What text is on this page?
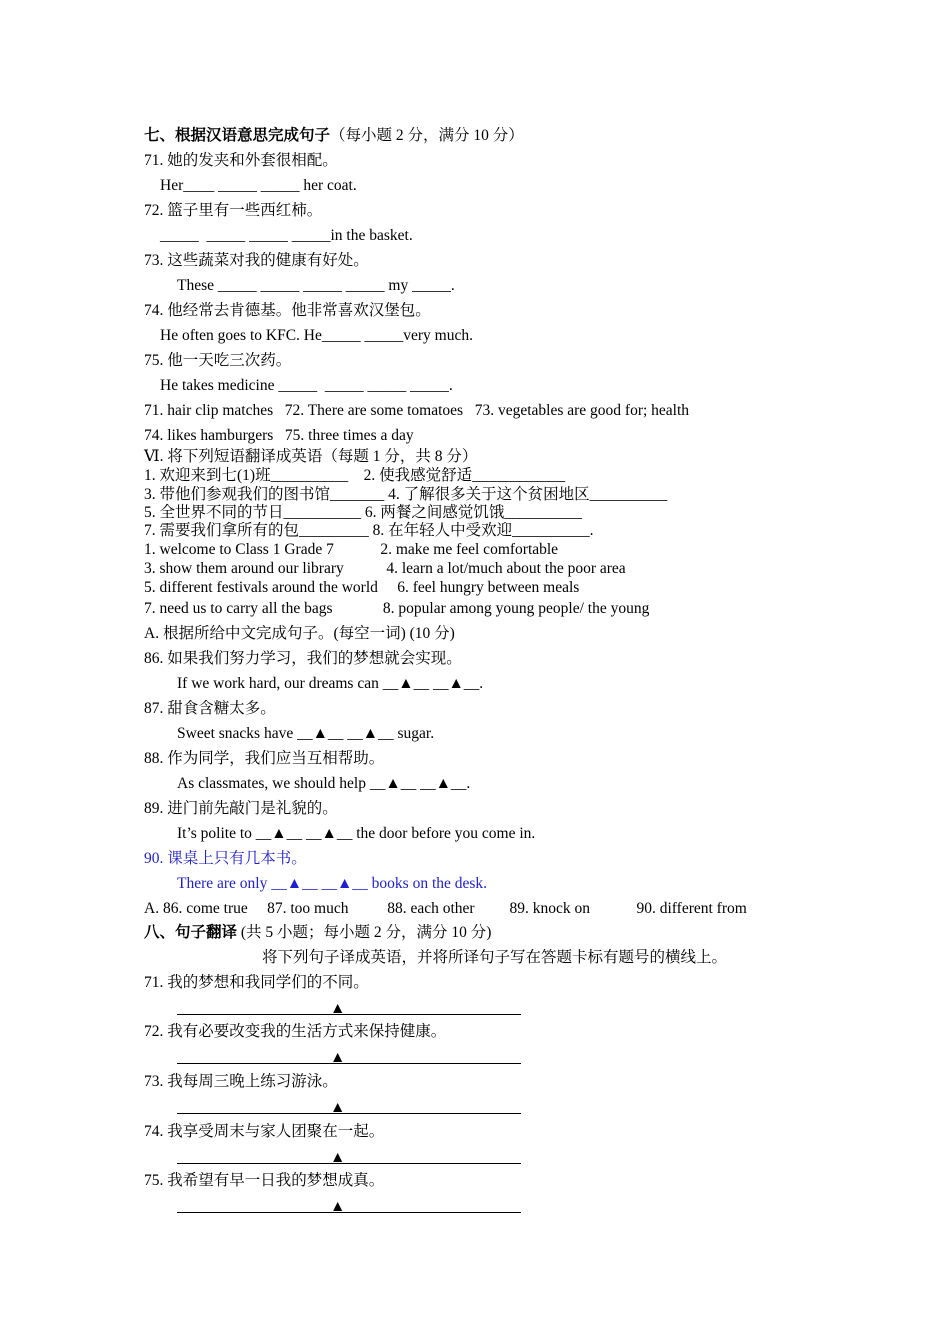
七、根据汉语意思完成句子（每小题 2 分，满分 10 分）
71. 她的发夹和外套很相配。
Her____ _____ _____ her coat.
72. 篮子里有一些西红柿。
_____  _____ _____ _____in the basket.
73. 这些蔬菜对我的健康有好处。
These _____ _____ _____ _____ my _____.
74. 他经常去肯德基。他非常喜欢汉堡包。
He often goes to KFC. He_____ _____very much.
75. 他一天吃三次药。
He takes medicine _____  _____ _____ _____.
71. hair clip matches   72. There are some tomatoes   73. vegetables are good for; health
74. likes hamburgers   75. three times a day
Ⅵ. 将下列短语翻译成英语（每题 1 分，共 8 分）
1. 欢迎来到七(1)班__________    2. 使我感觉舒适____________
3. 带他们参观我们的图书馆_______ 4. 了解很多关于这个贫困地区__________
5. 全世界不同的节日__________ 6. 两餐之间感觉饥饿__________
7. 需要我们拿所有的包_________ 8. 在年轻人中受欢迎__________.
1. welcome to Class 1 Grade 7            2. make me feel comfortable
3. show them around our library           4. learn a lot/much about the poor area
5. different festivals around the world     6. feel hungry between meals
7. need us to carry all the bags             8. popular among young people/ the young
A. 根据所给中文完成句子。(每空一词) (10 分)
86. 如果我们努力学习，我们的梦想就会实现。
If we work hard, our dreams can __▲__ __▲__.
87. 甜食含糖太多。
Sweet snacks have __▲__ __▲__ sugar.
88. 作为同学，我们应当互相帮助。
As classmates, we should help __▲__ __▲__.
89. 进门前先敲门是礼貌的。
It’s polite to __▲__ __▲__ the door before you come in.
90. 课桌上只有几本书。
There are only __▲__ __▲__ books on the desk.
A. 86. come true     87. too much          88. each other         89. knock on            90. different from
八、句子翻译 (共 5 小题；每小题 2 分，满分 10 分)
将下列句子译成英语，并将所译句子写在答题卡标有题号的横线上。
71. 我的梦想和我同学们的不同。
▲
72. 我有必要改变我的生活方式来保持健康。
▲
73. 我每周三晚上练习游泳。
▲
74. 我享受周末与家人团聚在一起。
▲
75. 我希望有早一日我的梦想成真。
▲
